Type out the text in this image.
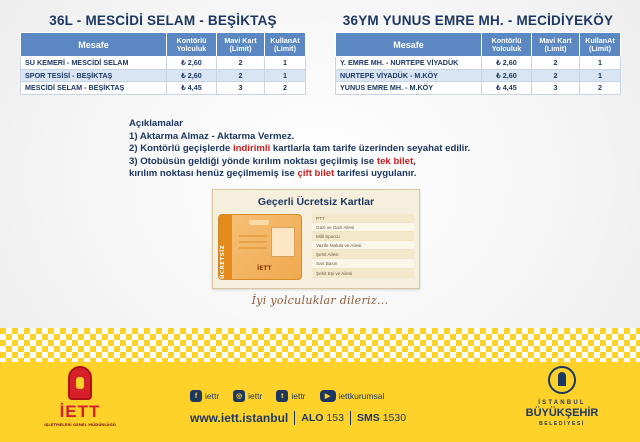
36L - MESCİDİ SELAM - BEŞİKTAŞ
Mesafe	Kontörlü Yolculuk	Mavi Kart (Limit)	KullanAt (Limit)
SU KEMERİ - MESCİDİ SELAM	₺ 2,60	2	1
SPOR TESİSİ - BEŞİKTAŞ	₺ 2,60	2	1
MESCİDİ SELAM - BEŞİKTAŞ	₺ 4,45	3	2
36YM YUNUS EMRE MH. - MECİDİYEKÖY
Mesafe	Kontörlü Yolculuk	Mavi Kart (Limit)	KullanAt (Limit)
Y. EMRE MH. - NURTEPE VİYADÜK	₺ 2,60	2	1
NURTEPE VİYADÜK - M.KÖY	₺ 2,60	2	1
YUNUS EMRE MH. - M.KÖY	₺ 4,45	3	2
Açıklamalar
1) Aktarma Almaz - Aktarma Vermez.
2) Kontörlü geçişlerde indirimli kartlarla tam tarife üzerinden seyahat edilir.
3) Otobüsün geldiği yönde kırılım noktası geçilmiş ise tek bilet,
kırılım noktası henüz geçilmemiş ise çift bilet tarifesi uygulanır.
Geçerli Ücretsiz Kartlar
ÜCRETSİZ	İETT
PTT
Gazi ve Gazi Ailesi
Milli Sporcu
Vazife Malulü ve Ailesi
Şehit Ailesi
Sarı Basın
Şehit Eşi ve Ailesi
İyi yolculuklar dileriz...
İETT
İŞLETMELERİ GENEL MÜDÜRLÜĞÜ
f iettr	◎ iettr	t iettr	▶ iettkurumsal
www.iett.istanbul ALO 153 SMS 1530
İSTANBUL
BÜYÜKŞEHİR
BELEDİYESİ
